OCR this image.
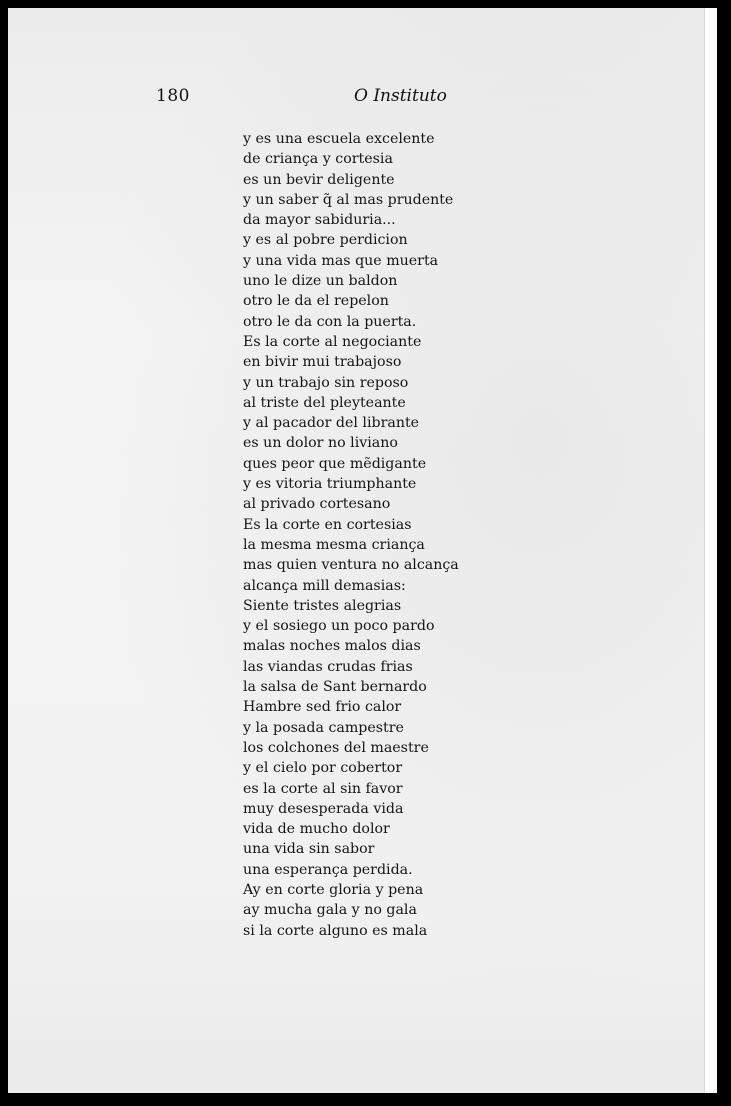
180	O Instituto
y es una escuela excelente
de criança y cortesia
es un bevir deligente
y un saber q̃ al mas prudente
da mayor sabiduria...
y es al pobre perdicion
y una vida mas que muerta
uno le dize un baldon
otro le da el repelon
otro le da con la puerta.
Es la corte al negociante
en bivir mui trabajoso
y un trabajo sin reposo
al triste del pleyteante
y al pacador del librante
es un dolor no liviano
ques peor que mẽdigante
y es vitoria triumphante
al privado cortesano
Es la corte en cortesias
la mesma mesma criança
mas quien ventura no alcança
alcança mill demasias:
Siente tristes alegrias
y el sosiego un poco pardo
malas noches malos dias
las viandas crudas frias
la salsa de Sant bernardo
Hambre sed frio calor
y la posada campestre
los colchones del maestre
y el cielo por cobertor
es la corte al sin favor
muy desesperada vida
vida de mucho dolor
una vida sin sabor
una esperança perdida.
Ay en corte gloria y pena
ay mucha gala y no gala
si la corte alguno es mala
